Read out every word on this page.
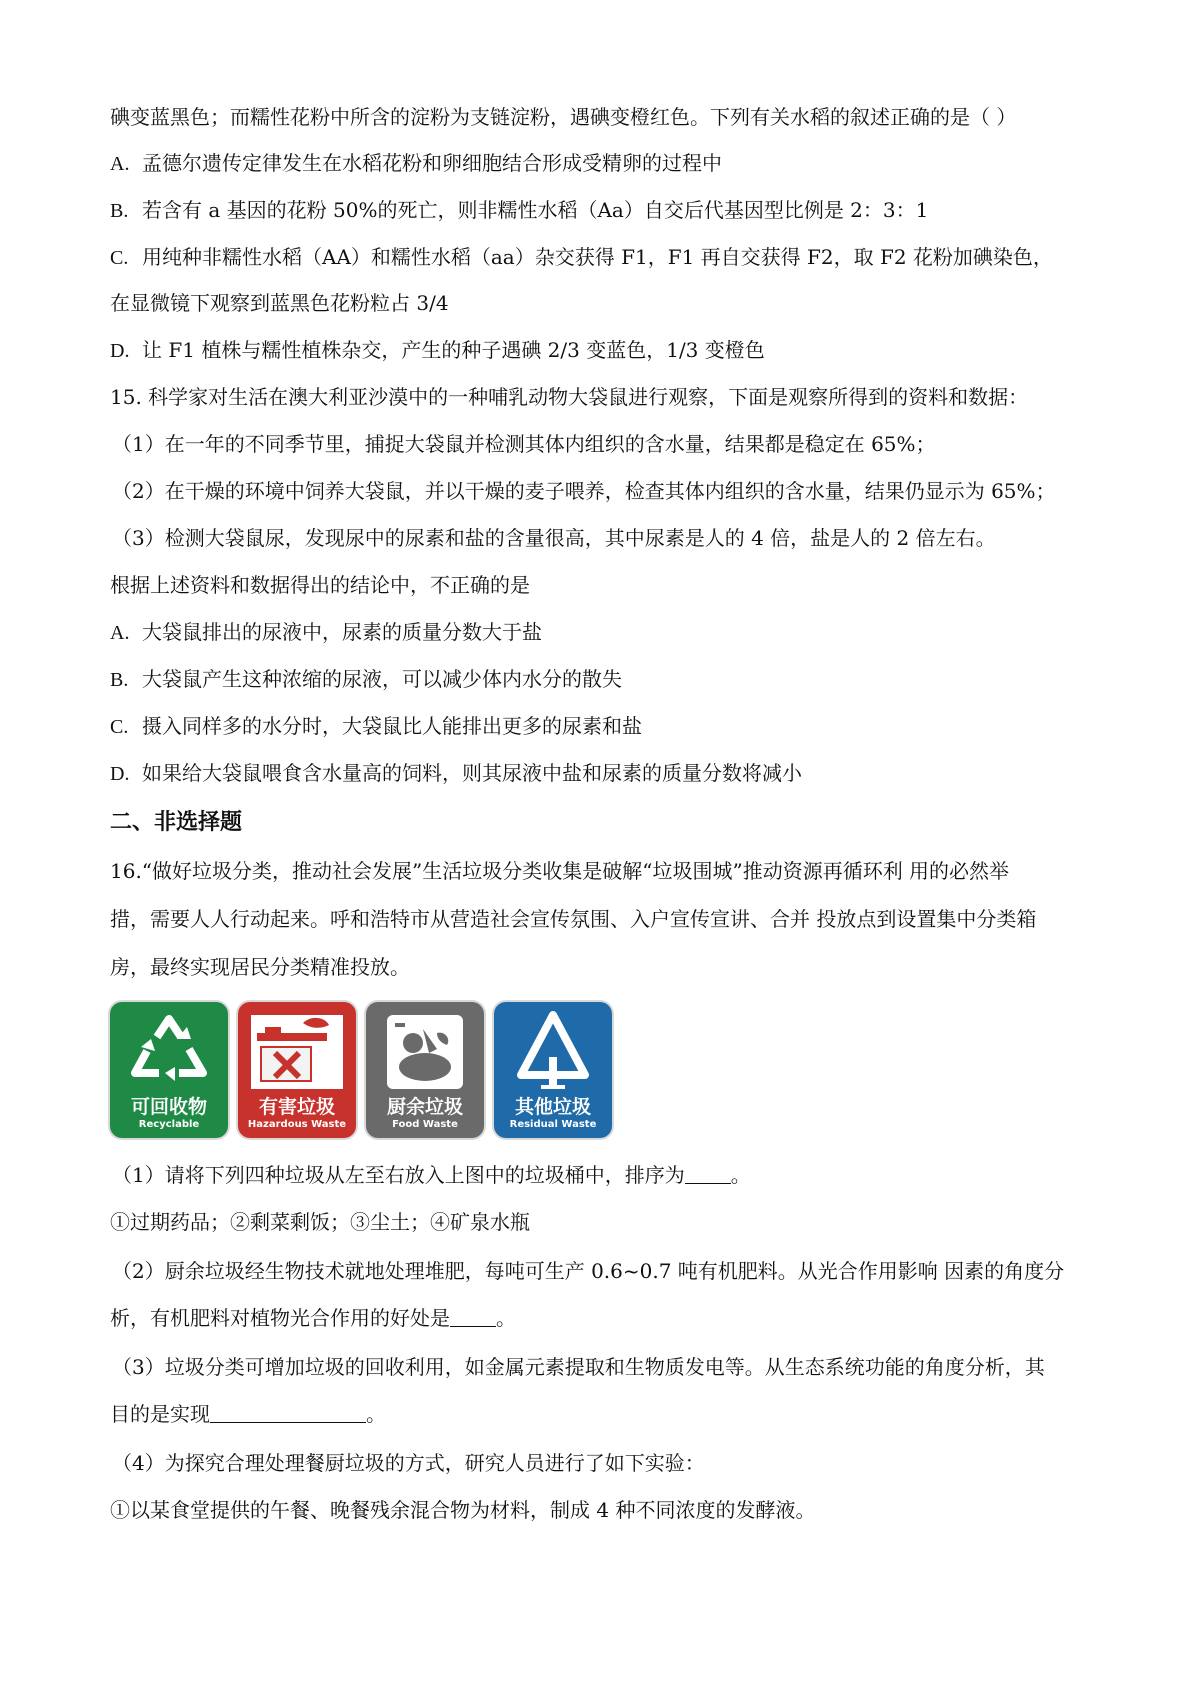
碘变蓝黑色；而糯性花粉中所含的淀粉为支链淀粉，遇碘变橙红色。下列有关水稻的叙述正确的是（ ）
A. 孟德尔遗传定律发生在水稻花粉和卵细胞结合形成受精卵的过程中
B. 若含有 a 基因的花粉 50%的死亡，则非糯性水稻（Aa）自交后代基因型比例是 2：3：1
C. 用纯种非糯性水稻（AA）和糯性水稻（aa）杂交获得 F1，F1 再自交获得 F2，取 F2 花粉加碘染色，
在显微镜下观察到蓝黑色花粉粒占 3/4
D. 让 F1 植株与糯性植株杂交，产生的种子遇碘 2/3 变蓝色，1/3 变橙色
15. 科学家对生活在澳大利亚沙漠中的一种哺乳动物大袋鼠进行观察，下面是观察所得到的资料和数据：
（1）在一年的不同季节里，捕捉大袋鼠并检测其体内组织的含水量，结果都是稳定在 65%；
（2）在干燥的环境中饲养大袋鼠，并以干燥的麦子喂养，检查其体内组织的含水量，结果仍显示为 65%；
（3）检测大袋鼠尿，发现尿中的尿素和盐的含量很高，其中尿素是人的 4 倍，盐是人的 2 倍左右。
根据上述资料和数据得出的结论中，不正确的是
A. 大袋鼠排出的尿液中，尿素的质量分数大于盐
B. 大袋鼠产生这种浓缩的尿液，可以减少体内水分的散失
C. 摄入同样多的水分时，大袋鼠比人能排出更多的尿素和盐
D. 如果给大袋鼠喂食含水量高的饲料，则其尿液中盐和尿素的质量分数将减小
二、非选择题
16.“做好垃圾分类，推动社会发展”生活垃圾分类收集是破解“垃圾围城”推动资源再循环利 用的必然举
措，需要人人行动起来。呼和浩特市从营造社会宣传氛围、入户宣传宣讲、合并 投放点到设置集中分类箱
房，最终实现居民分类精准投放。
可回收物
Recyclable
有害垃圾
Hazardous Waste
厨余垃圾
Food Waste
其他垃圾
Residual Waste
（1）请将下列四种垃圾从左至右放入上图中的垃圾桶中，排序为 。
①过期药品；②剩菜剩饭；③尘土；④矿泉水瓶
（2）厨余垃圾经生物技术就地处理堆肥，每吨可生产 0.6~0.7 吨有机肥料。从光合作用影响 因素的角度分
析，有机肥料对植物光合作用的好处是 。
（3）垃圾分类可增加垃圾的回收利用，如金属元素提取和生物质发电等。从生态系统功能的角度分析，其
目的是实现	。
（4）为探究合理处理餐厨垃圾的方式，研究人员进行了如下实验：
①以某食堂提供的午餐、晚餐残余混合物为材料，制成 4 种不同浓度的发酵液。
